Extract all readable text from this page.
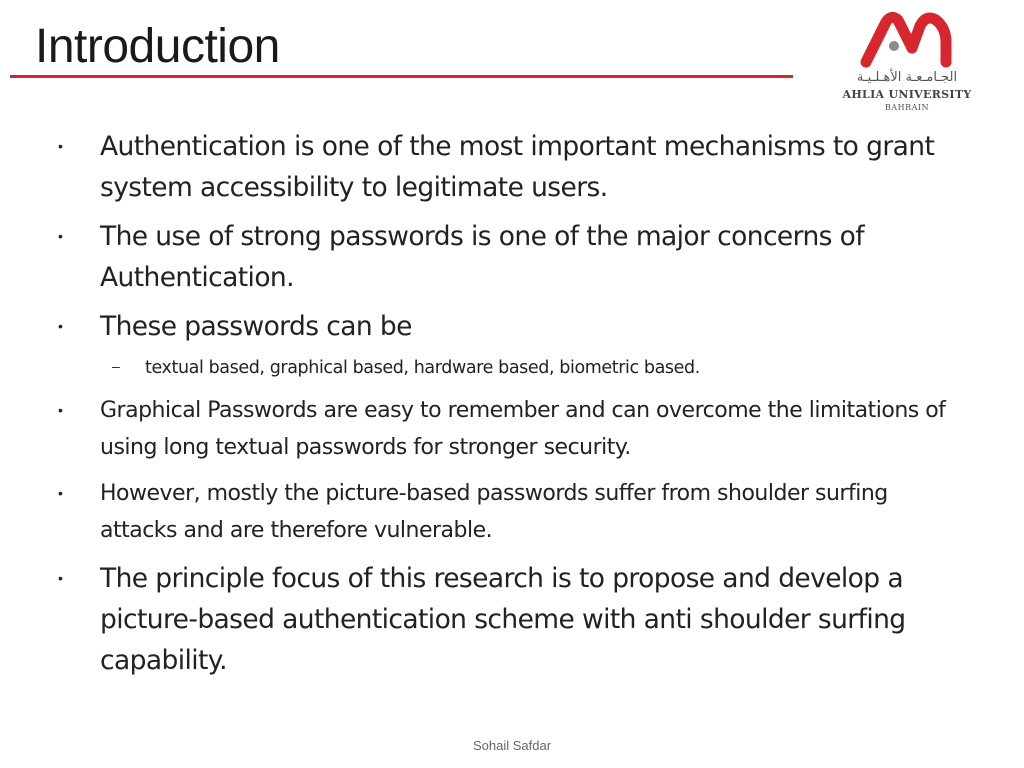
Introduction
الجـامـعـة الأهـلـيـة
AHLIA UNIVERSITY
BAHRAIN
• Authentication is one of the most important mechanisms to grant system accessibility to legitimate users.
• The use of strong passwords is one of the major concerns of Authentication.
• These passwords can be
– textual based, graphical based, hardware based, biometric based.
• Graphical Passwords are easy to remember and can overcome the limitations of using long textual passwords for stronger security.
• However, mostly the picture-based passwords suffer from shoulder surfing attacks and are therefore vulnerable.
• The principle focus of this research is to propose and develop a picture-based authentication scheme with anti shoulder surfing capability.
Sohail Safdar
